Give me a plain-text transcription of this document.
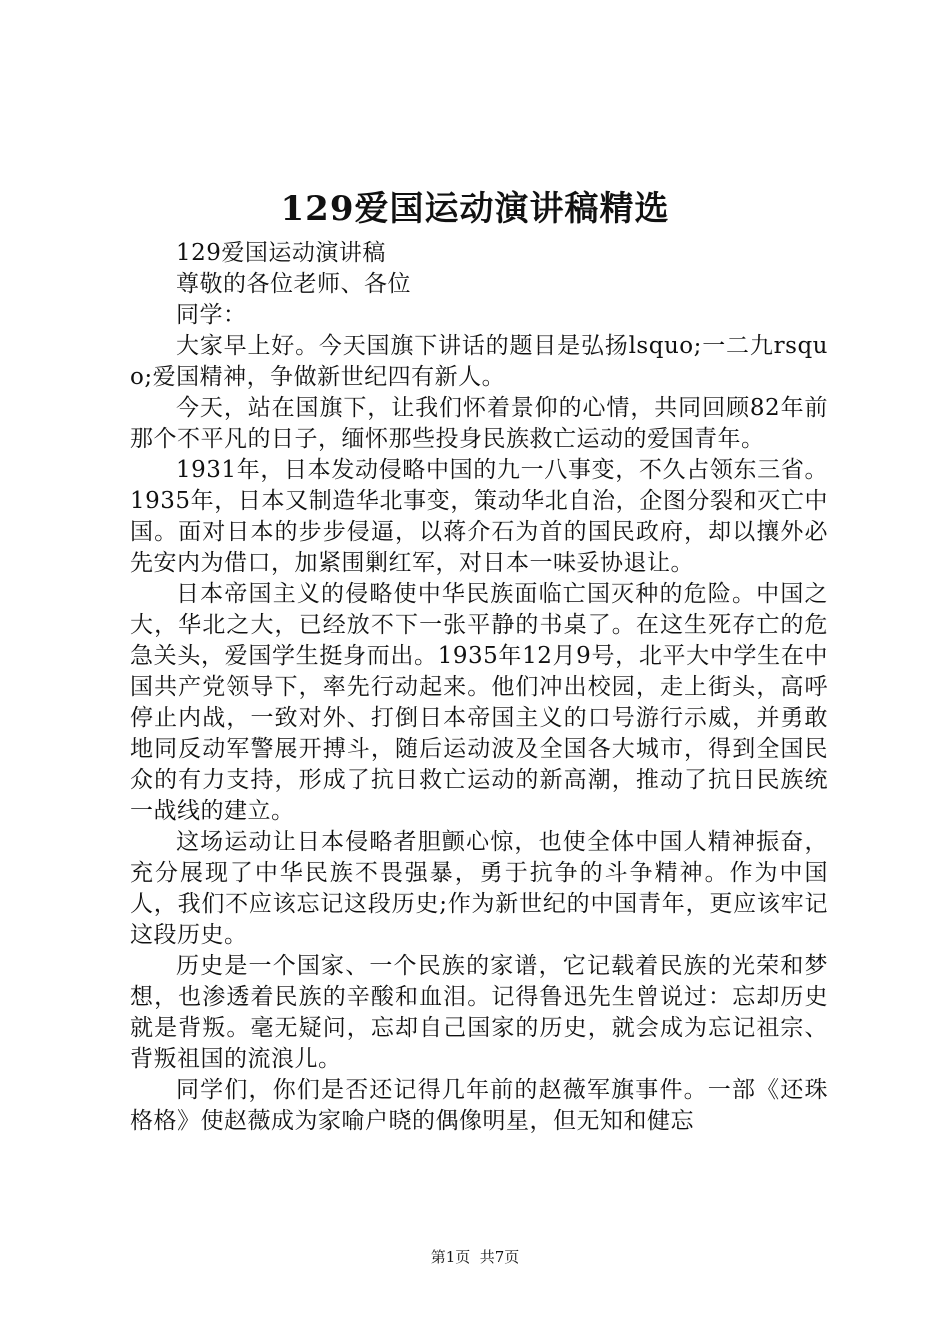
129爱国运动演讲稿精选

129爱国运动演讲稿

尊敬的各位老师、各位

同学：

大家早上好。今天国旗下讲话的题目是弘扬lsquo;一二九rsquo;爱国精神，争做新世纪四有新人。

今天，站在国旗下，让我们怀着景仰的心情，共同回顾82年前那个不平凡的日子，缅怀那些投身民族救亡运动的爱国青年。

1931年，日本发动侵略中国的九一八事变，不久占领东三省。1935年，日本又制造华北事变，策动华北自治，企图分裂和灭亡中国。面对日本的步步侵逼，以蒋介石为首的国民政府，却以攘外必先安内为借口，加紧围剿红军，对日本一味妥协退让。

日本帝国主义的侵略使中华民族面临亡国灭种的危险。中国之大，华北之大，已经放不下一张平静的书桌了。在这生死存亡的危急关头，爱国学生挺身而出。1935年12月9号，北平大中学生在中国共产党领导下，率先行动起来。他们冲出校园，走上街头，高呼停止内战，一致对外、打倒日本帝国主义的口号游行示威，并勇敢地同反动军警展开搏斗，随后运动波及全国各大城市，得到全国民众的有力支持，形成了抗日救亡运动的新高潮，推动了抗日民族统一战线的建立。

这场运动让日本侵略者胆颤心惊，也使全体中国人精神振奋，充分展现了中华民族不畏强暴，勇于抗争的斗争精神。作为中国人，我们不应该忘记这段历史;作为新世纪的中国青年，更应该牢记这段历史。

历史是一个国家、一个民族的家谱，它记载着民族的光荣和梦想，也渗透着民族的辛酸和血泪。记得鲁迅先生曾说过：忘却历史就是背叛。毫无疑问，忘却自己国家的历史，就会成为忘记祖宗、背叛祖国的流浪儿。

同学们，你们是否还记得几年前的赵薇军旗事件。一部《还珠格格》使赵薇成为家喻户晓的偶像明星，但无知和健忘

第1页  共7页
